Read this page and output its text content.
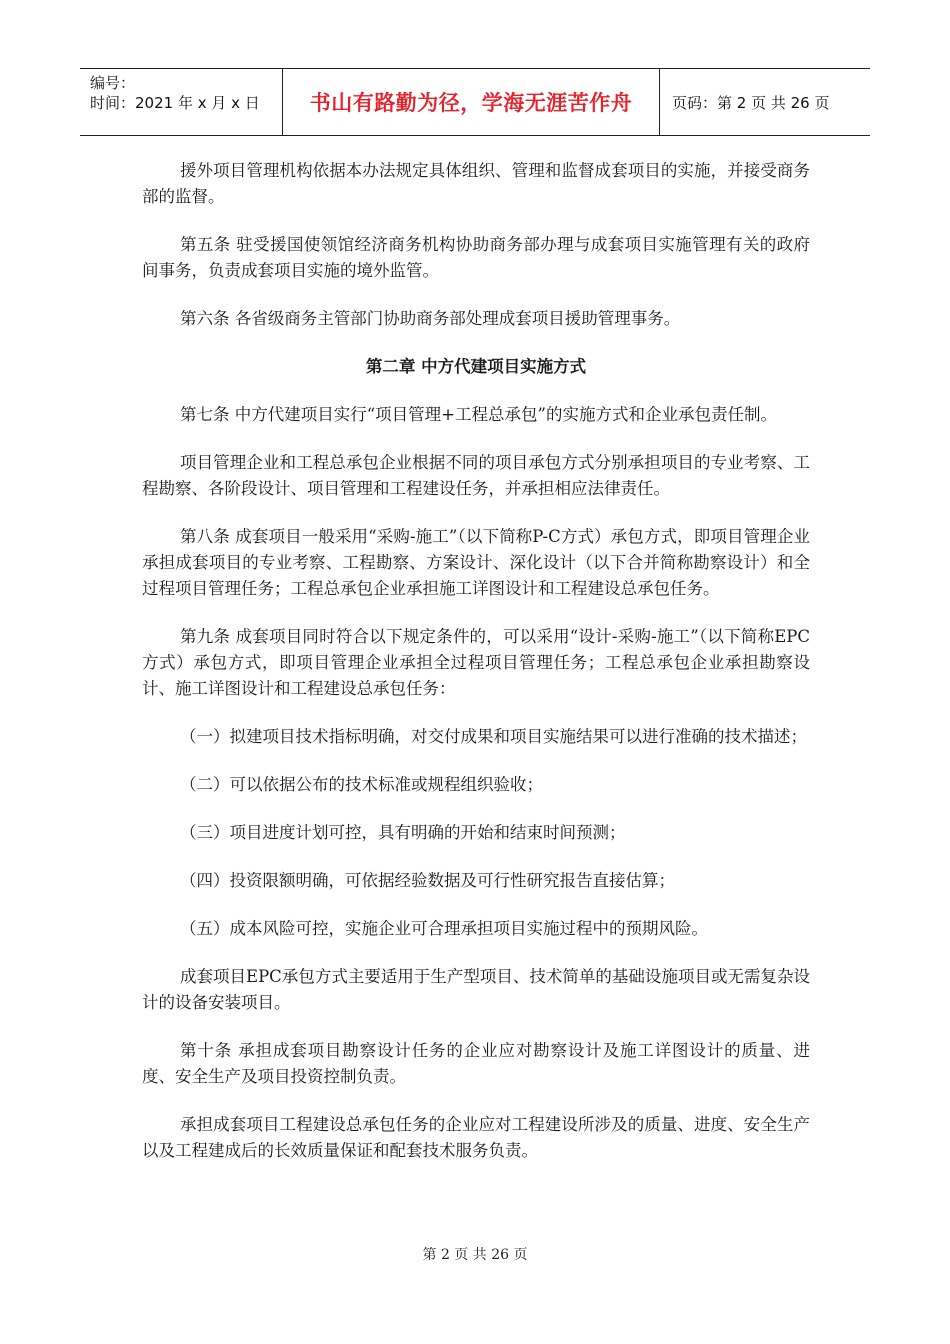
编号：
时间：2021 年 x 月 x 日	书山有路勤为径，学海无涯苦作舟	页码：第 2 页 共 26 页

援外项目管理机构依据本办法规定具体组织、管理和监督成套项目的实施，并接受商务部的监督。

第五条 驻受援国使领馆经济商务机构协助商务部办理与成套项目实施管理有关的政府间事务，负责成套项目实施的境外监管。

第六条 各省级商务主管部门协助商务部处理成套项目援助管理事务。

第二章 中方代建项目实施方式

第七条 中方代建项目实行“项目管理+工程总承包”的实施方式和企业承包责任制。

项目管理企业和工程总承包企业根据不同的项目承包方式分别承担项目的专业考察、工程勘察、各阶段设计、项目管理和工程建设任务，并承担相应法律责任。

第八条 成套项目一般采用“采购-施工”（以下简称P-C方式）承包方式，即项目管理企业承担成套项目的专业考察、工程勘察、方案设计、深化设计（以下合并简称勘察设计）和全过程项目管理任务；工程总承包企业承担施工详图设计和工程建设总承包任务。

第九条 成套项目同时符合以下规定条件的，可以采用“设计-采购-施工”（以下简称EPC方式）承包方式，即项目管理企业承担全过程项目管理任务；工程总承包企业承担勘察设计、施工详图设计和工程建设总承包任务：

（一）拟建项目技术指标明确，对交付成果和项目实施结果可以进行准确的技术描述；

（二）可以依据公布的技术标准或规程组织验收；

（三）项目进度计划可控，具有明确的开始和结束时间预测；

（四）投资限额明确，可依据经验数据及可行性研究报告直接估算；

（五）成本风险可控，实施企业可合理承担项目实施过程中的预期风险。

成套项目EPC承包方式主要适用于生产型项目、技术简单的基础设施项目或无需复杂设计的设备安装项目。

第十条 承担成套项目勘察设计任务的企业应对勘察设计及施工详图设计的质量、进度、安全生产及项目投资控制负责。

承担成套项目工程建设总承包任务的企业应对工程建设所涉及的质量、进度、安全生产以及工程建成后的长效质量保证和配套技术服务负责。

第 2 页 共 26 页
